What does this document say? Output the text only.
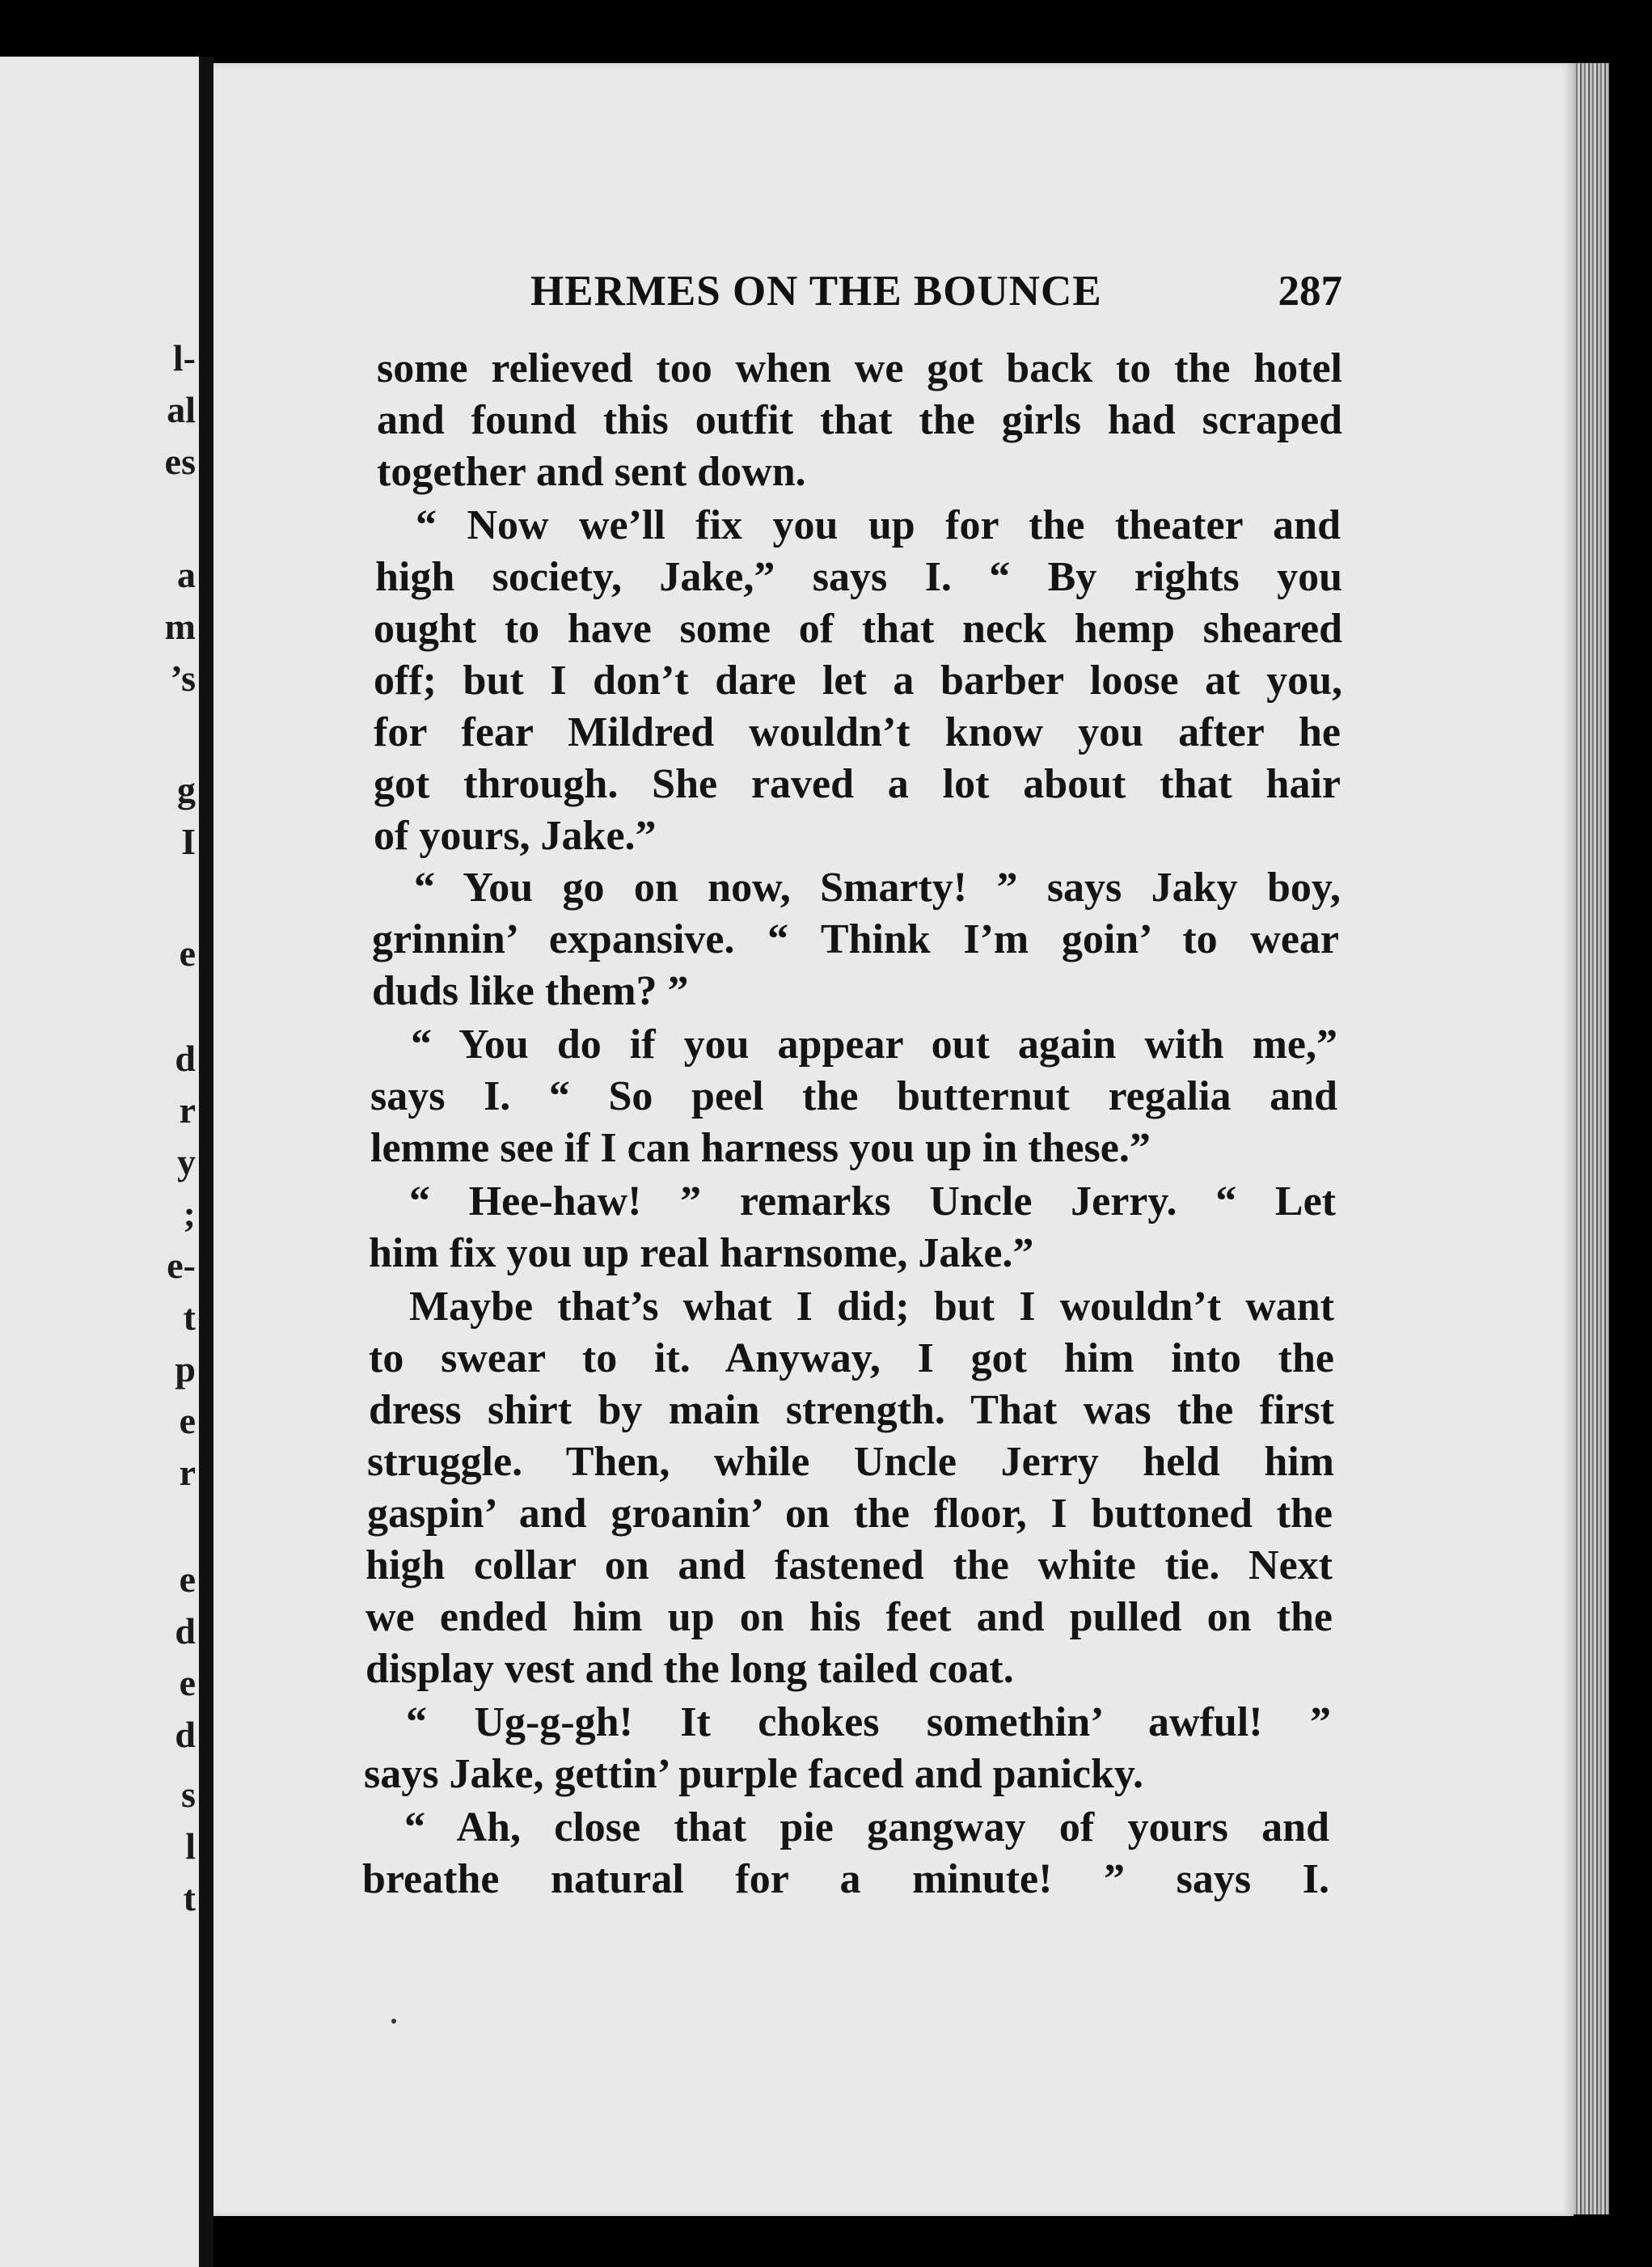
l-
al
es
a
m
’s
g
I
e
d
r
y
;
e-
t
p
e
r
e
d
e
d
s
l
t
HERMES ON THE BOUNCE	287
some relieved too when we got back to the hotel
and found this outfit that the girls had scraped
together and sent down.
“ Now we’ll fix you up for the theater and
high society, Jake,” says I. “ By rights you
ought to have some of that neck hemp sheared
off; but I don’t dare let a barber loose at you,
for fear Mildred wouldn’t know you after he
got through. She raved a lot about that hair
of yours, Jake.”
“ You go on now, Smarty! ” says Jaky boy,
grinnin’ expansive. “ Think I’m goin’ to wear
duds like them? ”
“ You do if you appear out again with me,”
says I. “ So peel the butternut regalia and
lemme see if I can harness you up in these.”
“ Hee-haw! ” remarks Uncle Jerry. “ Let
him fix you up real harnsome, Jake.”
Maybe that’s what I did; but I wouldn’t want
to swear to it. Anyway, I got him into the
dress shirt by main strength. That was the first
struggle. Then, while Uncle Jerry held him
gaspin’ and groanin’ on the floor, I buttoned the
high collar on and fastened the white tie. Next
we ended him up on his feet and pulled on the
display vest and the long tailed coat.
“ Ug-g-gh! It chokes somethin’ awful! ”
says Jake, gettin’ purple faced and panicky.
“ Ah, close that pie gangway of yours and
breathe natural for a minute! ” says I.
